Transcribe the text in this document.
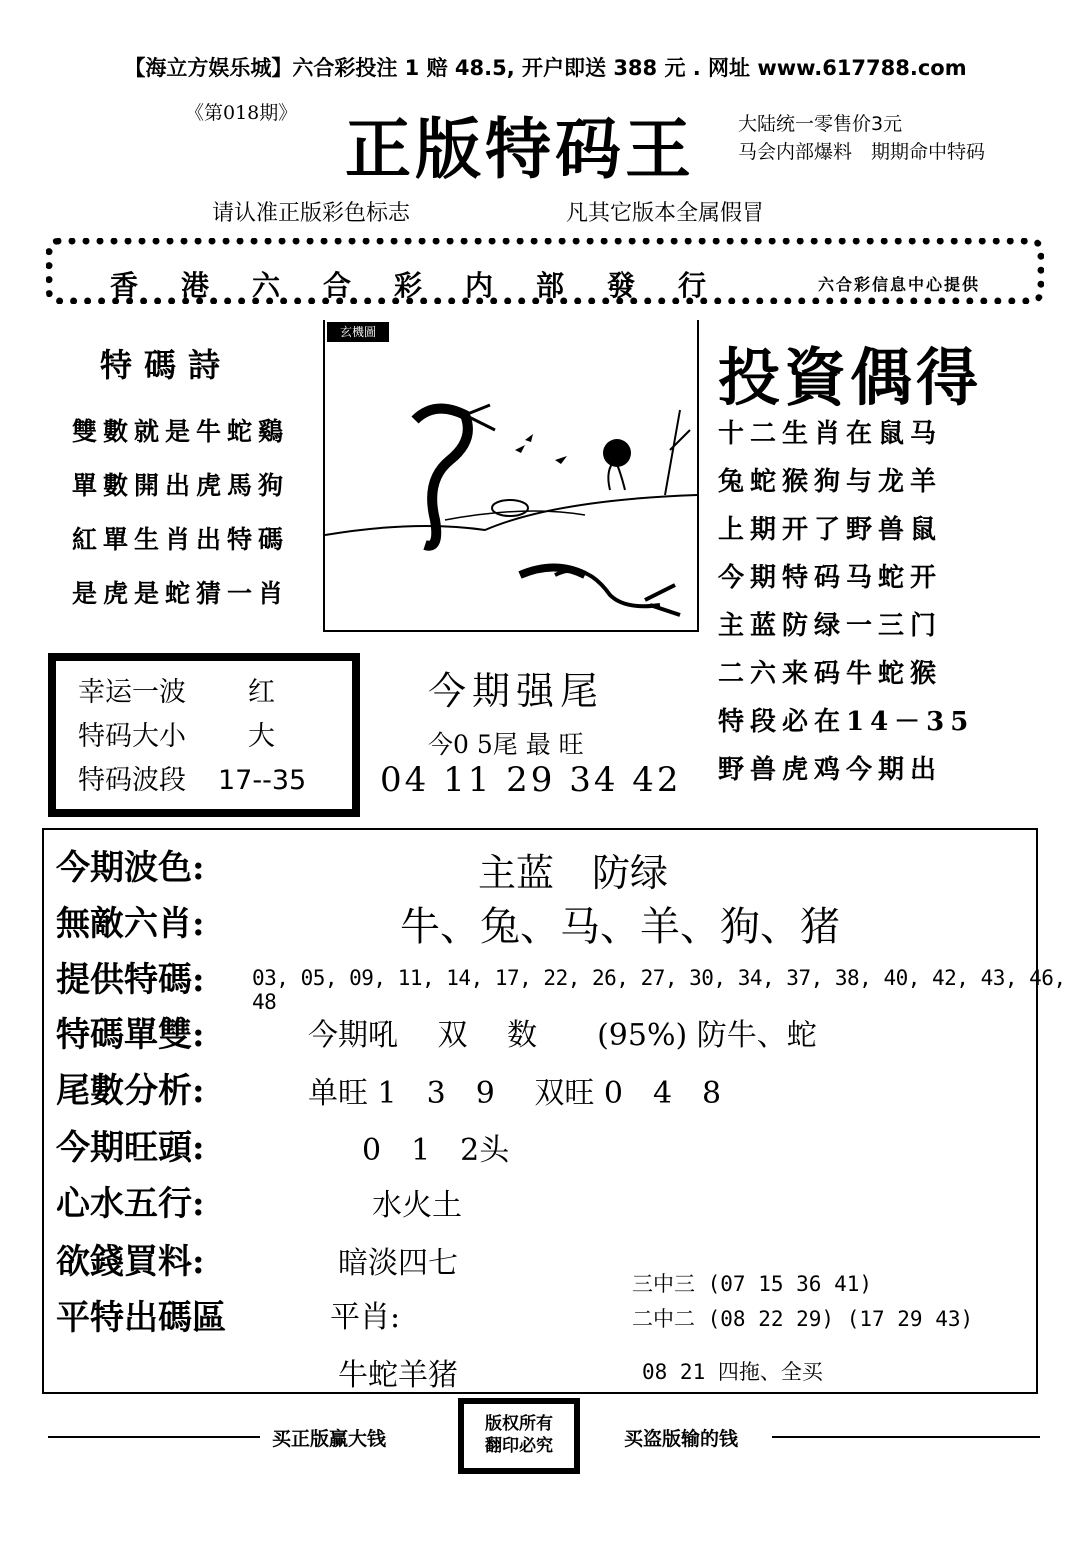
【海立方娱乐城】六合彩投注 1 赔 48.5, 开户即送 388 元 . 网址 www.617788.com
《第018期》 正版特码王 大陆统一零售价3元
马会内部爆料　期期命中特码
请认准正版彩色标志	凡其它版本全属假冒
香港六合彩内部發行	六合彩信息中心提供
特碼詩
雙數就是牛蛇鷄
單數開出虎馬狗
紅單生肖出特碼
是虎是蛇猜一肖
玄機圖
投資偶得
十二生肖在鼠马
兔蛇猴狗与龙羊
上期开了野兽鼠
今期特码马蛇开
主蓝防绿一三门
二六来码牛蛇猴
特段必在14－35
野兽虎鸡今期出
幸运一波 红
特码大小 大
特码波段 17--35
今期强尾
今0 5尾 最 旺
04 11 29 34 42
今期波色:	主蓝　防绿
無敵六肖:	牛、兔、马、羊、狗、猪
提供特碼: 03, 05, 09, 11, 14, 17, 22, 26, 27, 30, 34, 37, 38, 40, 42, 43, 46, 48
特碼單雙:	今期吼　 双　 数　　(95%) 防牛、蛇
尾數分析:	单旺 1　3　9　 双旺 0　4　8
今期旺頭:	0　1　2头
心水五行:	水火土
欲錢買料:	暗淡四七
平特出碼區	平肖:
牛蛇羊猪
三中三 (07 15 36 41)
二中二 (08 22 29) (17 29 43)
08 21 四拖、全买
买正版赢大钱
版权所有
翻印必究	买盗版输的钱
